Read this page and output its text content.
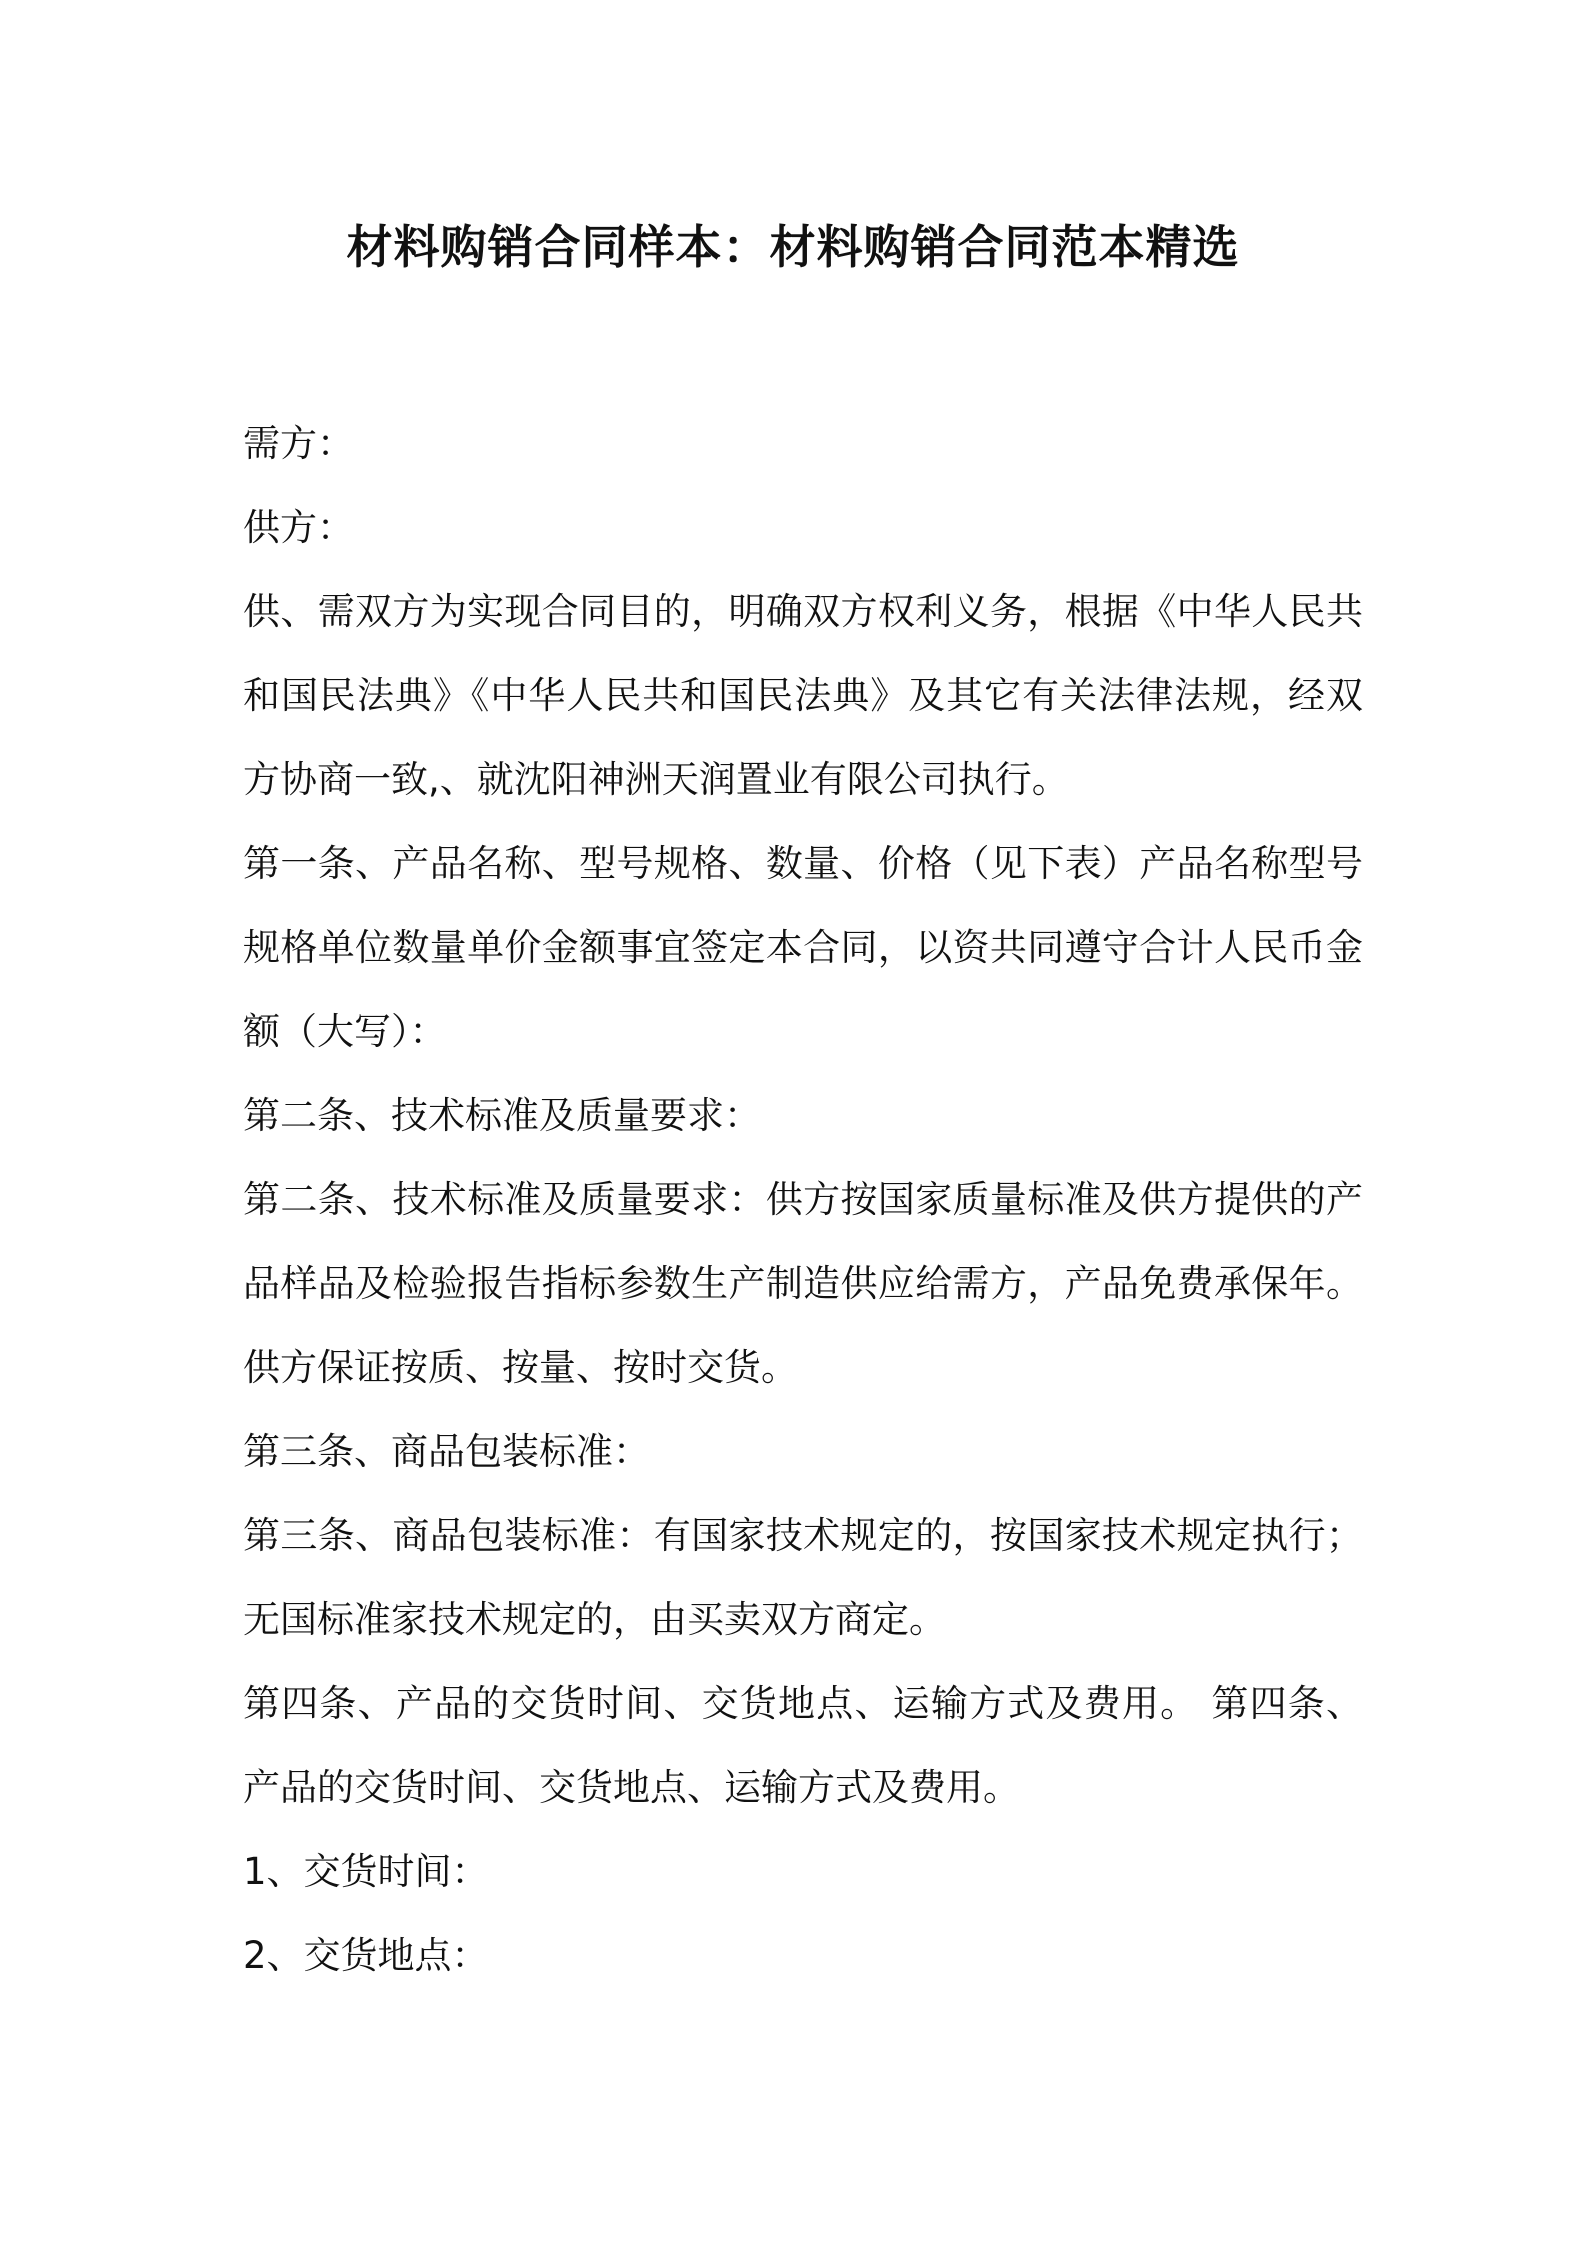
材料购销合同样本：材料购销合同范本精选

需方：

供方：

供、需双方为实现合同目的，明确双方权利义务，根据《中华人民共和国民法典》《中华人民共和国民法典》及其它有关法律法规，经双方协商一致,、就沈阳神洲天润置业有限公司执行。

第一条、产品名称、型号规格、数量、价格（见下表）产品名称型号规格单位数量单价金额事宜签定本合同，以资共同遵守合计人民币金额（大写）：

第二条、技术标准及质量要求：

第二条、技术标准及质量要求：供方按国家质量标准及供方提供的产品样品及检验报告指标参数生产制造供应给需方，产品免费承保年。供方保证按质、按量、按时交货。

第三条、商品包装标准：

第三条、商品包装标准：有国家技术规定的，按国家技术规定执行；无国标准家技术规定的，由买卖双方商定。

第四条、产品的交货时间、交货地点、运输方式及费用。 第四条、产品的交货时间、交货地点、运输方式及费用。

1、交货时间：

2、交货地点：
